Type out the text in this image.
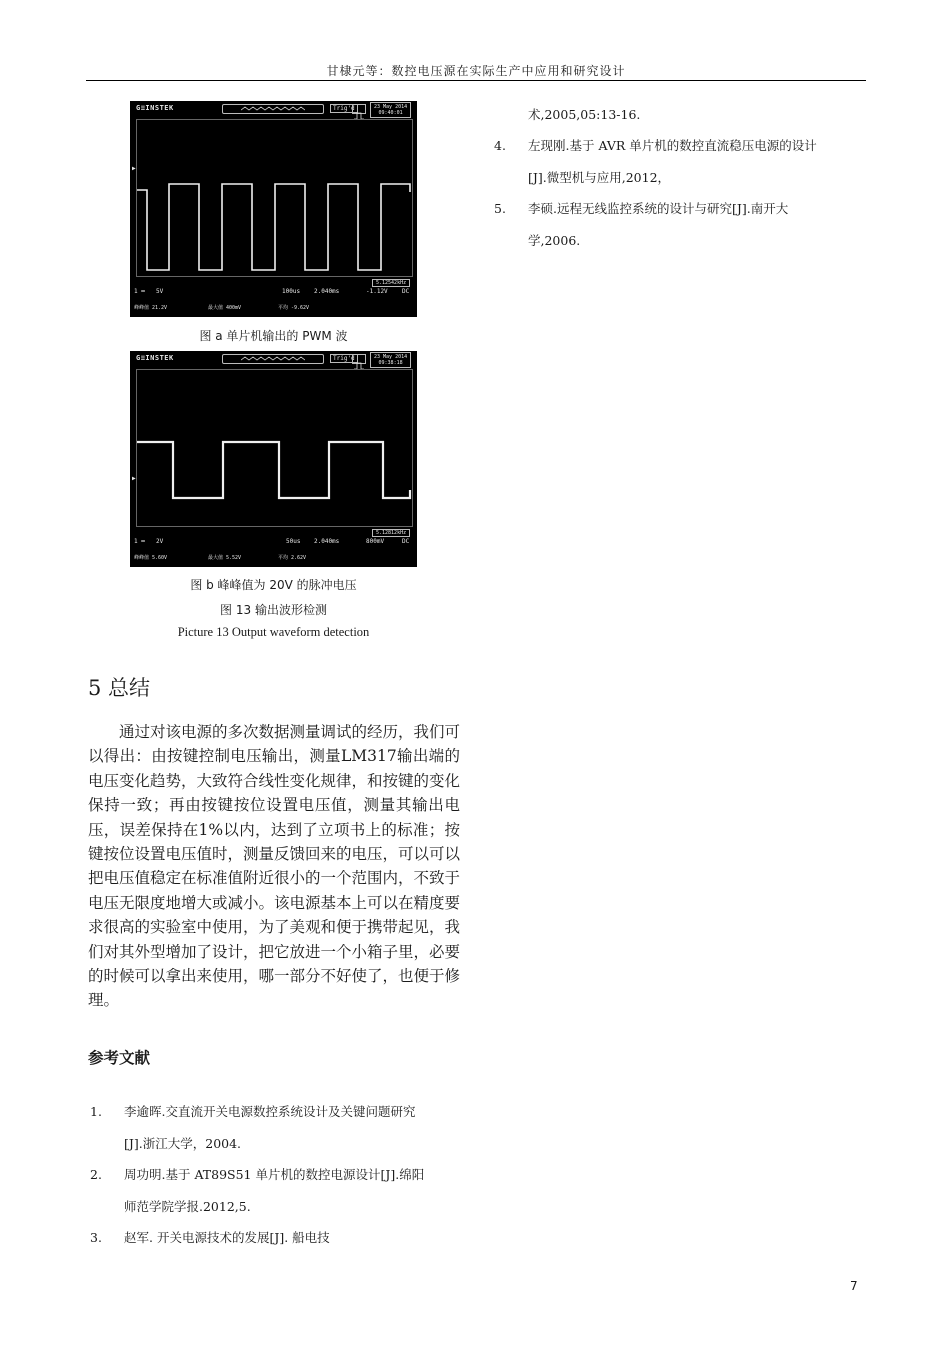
甘棣元等：数控电压源在实际生产中应用和研究设计
G≡INSTEK	Trig'd	23 May 2014
09:40:01
▶
5.12542kHz
1 ═ 5V	100us 2.040ms	-1.12V DC
峰峰值 21.2V	最大值 400mV	平均 -9.62V
图 a 单片机输出的 PWM 波
G≡INSTEK	Trig'd	23 May 2014
09:38:18
▶
5.12812kHz
1 ═ 2V	50us 2.040ms	800mV	DC
峰峰值 5.60V	最大值 5.52V	平均 2.62V
图 b 峰峰值为 20V 的脉冲电压
图 13 输出波形检测
Picture 13 Output waveform detection
5 总结
通过对该电源的多次数据测量调试的经历，我们可以得出：由按键控制电压输出，测量LM317输出端的电压变化趋势，大致符合线性变化规律，和按键的变化保持一致；再由按键按位设置电压值，测量其输出电压，误差保持在1%以内，达到了立项书上的标准；按键按位设置电压值时，测量反馈回来的电压，可以可以把电压值稳定在标准值附近很小的一个范围内，不致于电压无限度地增大或减小。该电源基本上可以在精度要求很高的实验室中使用，为了美观和便于携带起见，我们对其外型增加了设计，把它放进一个小箱子里，必要的时候可以拿出来使用，哪一部分不好使了，也便于修理。
参考文献
1. 李逾晖.交直流开关电源数控系统设计及关键问题研究
[J].浙江大学，2004.
2. 周功明.基于 AT89S51 单片机的数控电源设计[J].绵阳
师范学院学报.2012,5.
3. 赵军. 开关电源技术的发展[J]. 船电技
术,2005,05:13-16.
4. 左现刚.基于 AVR 单片机的数控直流稳压电源的设计
[J].微型机与应用,2012，
5. 李硕.远程无线监控系统的设计与研究[J].南开大
学,2006.
7
